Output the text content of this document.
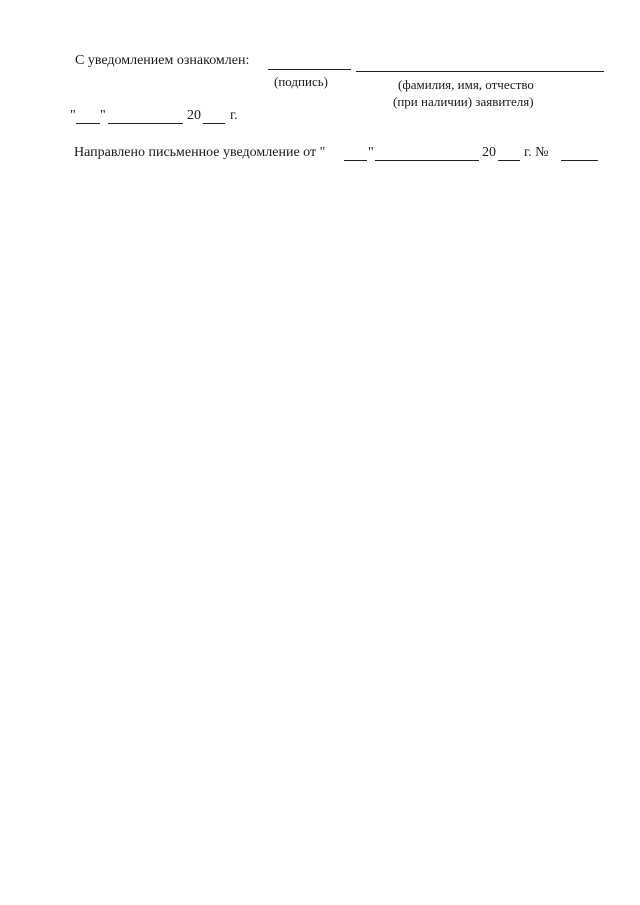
С уведомлением ознакомлен:
(подпись)	(фамилия, имя, отчество
(при наличии) заявителя)
" "	20 г.
Направлено письменное уведомление от "	"	20 г. №
